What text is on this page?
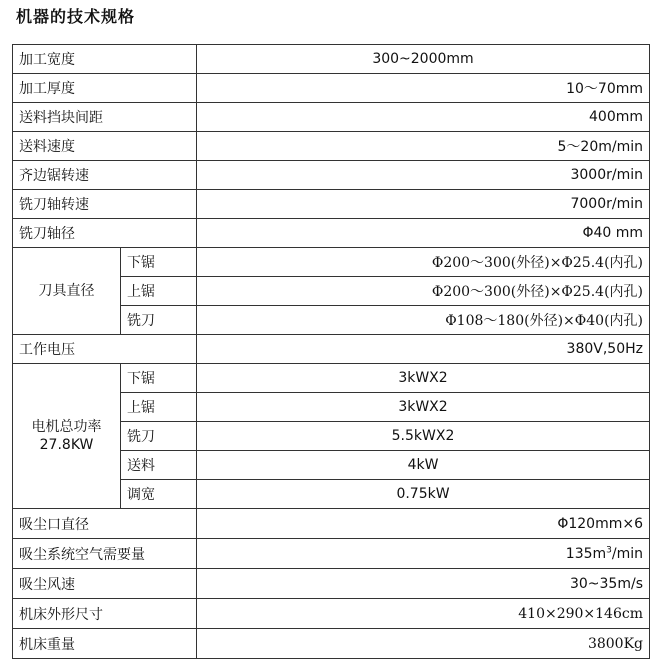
机器的技术规格
加工宽度		300~2000mm
加工厚度		10～70mm
送料挡块间距		400mm
送料速度		5～20m/min
齐边锯转速		3000r/min
铣刀轴转速		7000r/min
铣刀轴径		Φ40 mm
刀具直径	下锯	Φ200～300(外径)×Φ25.4(内孔)
	上锯	Φ200～300(外径)×Φ25.4(内孔)
	铣刀	Φ108～180(外径)×Φ40(内孔)
工作电压		380V,50Hz

电机总功率
27.8KW	下锯	3kWX2
	上锯	3kWX2
	铣刀	5.5kWX2
	送料	4kW
	调宽	0.75kW
吸尘口直径		Φ120mm×6
吸尘系统空气需要量		$135m^3/\min$
吸尘风速		30~35m/s
机床外形尺寸		410×290×146cm
机床重量		3800Kg
